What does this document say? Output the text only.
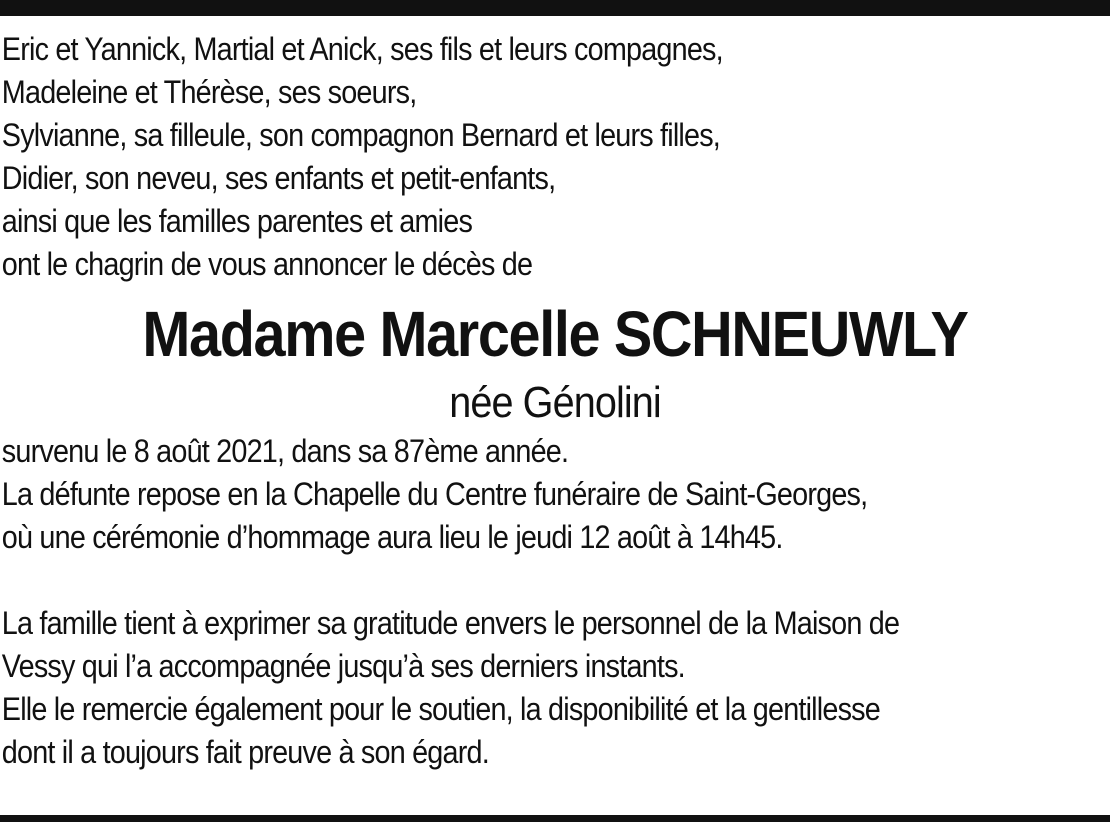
Eric et Yannick, Martial et Anick, ses fils et leurs compagnes,
Madeleine et Thérèse, ses soeurs,
Sylvianne, sa filleule, son compagnon Bernard et leurs filles,
Didier, son neveu, ses enfants et petit-enfants,
ainsi que les familles parentes et amies
ont le chagrin de vous annoncer le décès de
Madame Marcelle SCHNEUWLY
née Génolini
survenu le 8 août 2021, dans sa 87ème année.
La défunte repose en la Chapelle du Centre funéraire de Saint-Georges,
où une cérémonie d’hommage aura lieu le jeudi 12 août à 14h45.
La famille tient à exprimer sa gratitude envers le personnel de la Maison de
Vessy qui l’a accompagnée jusqu’à ses derniers instants.
Elle le remercie également pour le soutien, la disponibilité et la gentillesse
dont il a toujours fait preuve à son égard.
